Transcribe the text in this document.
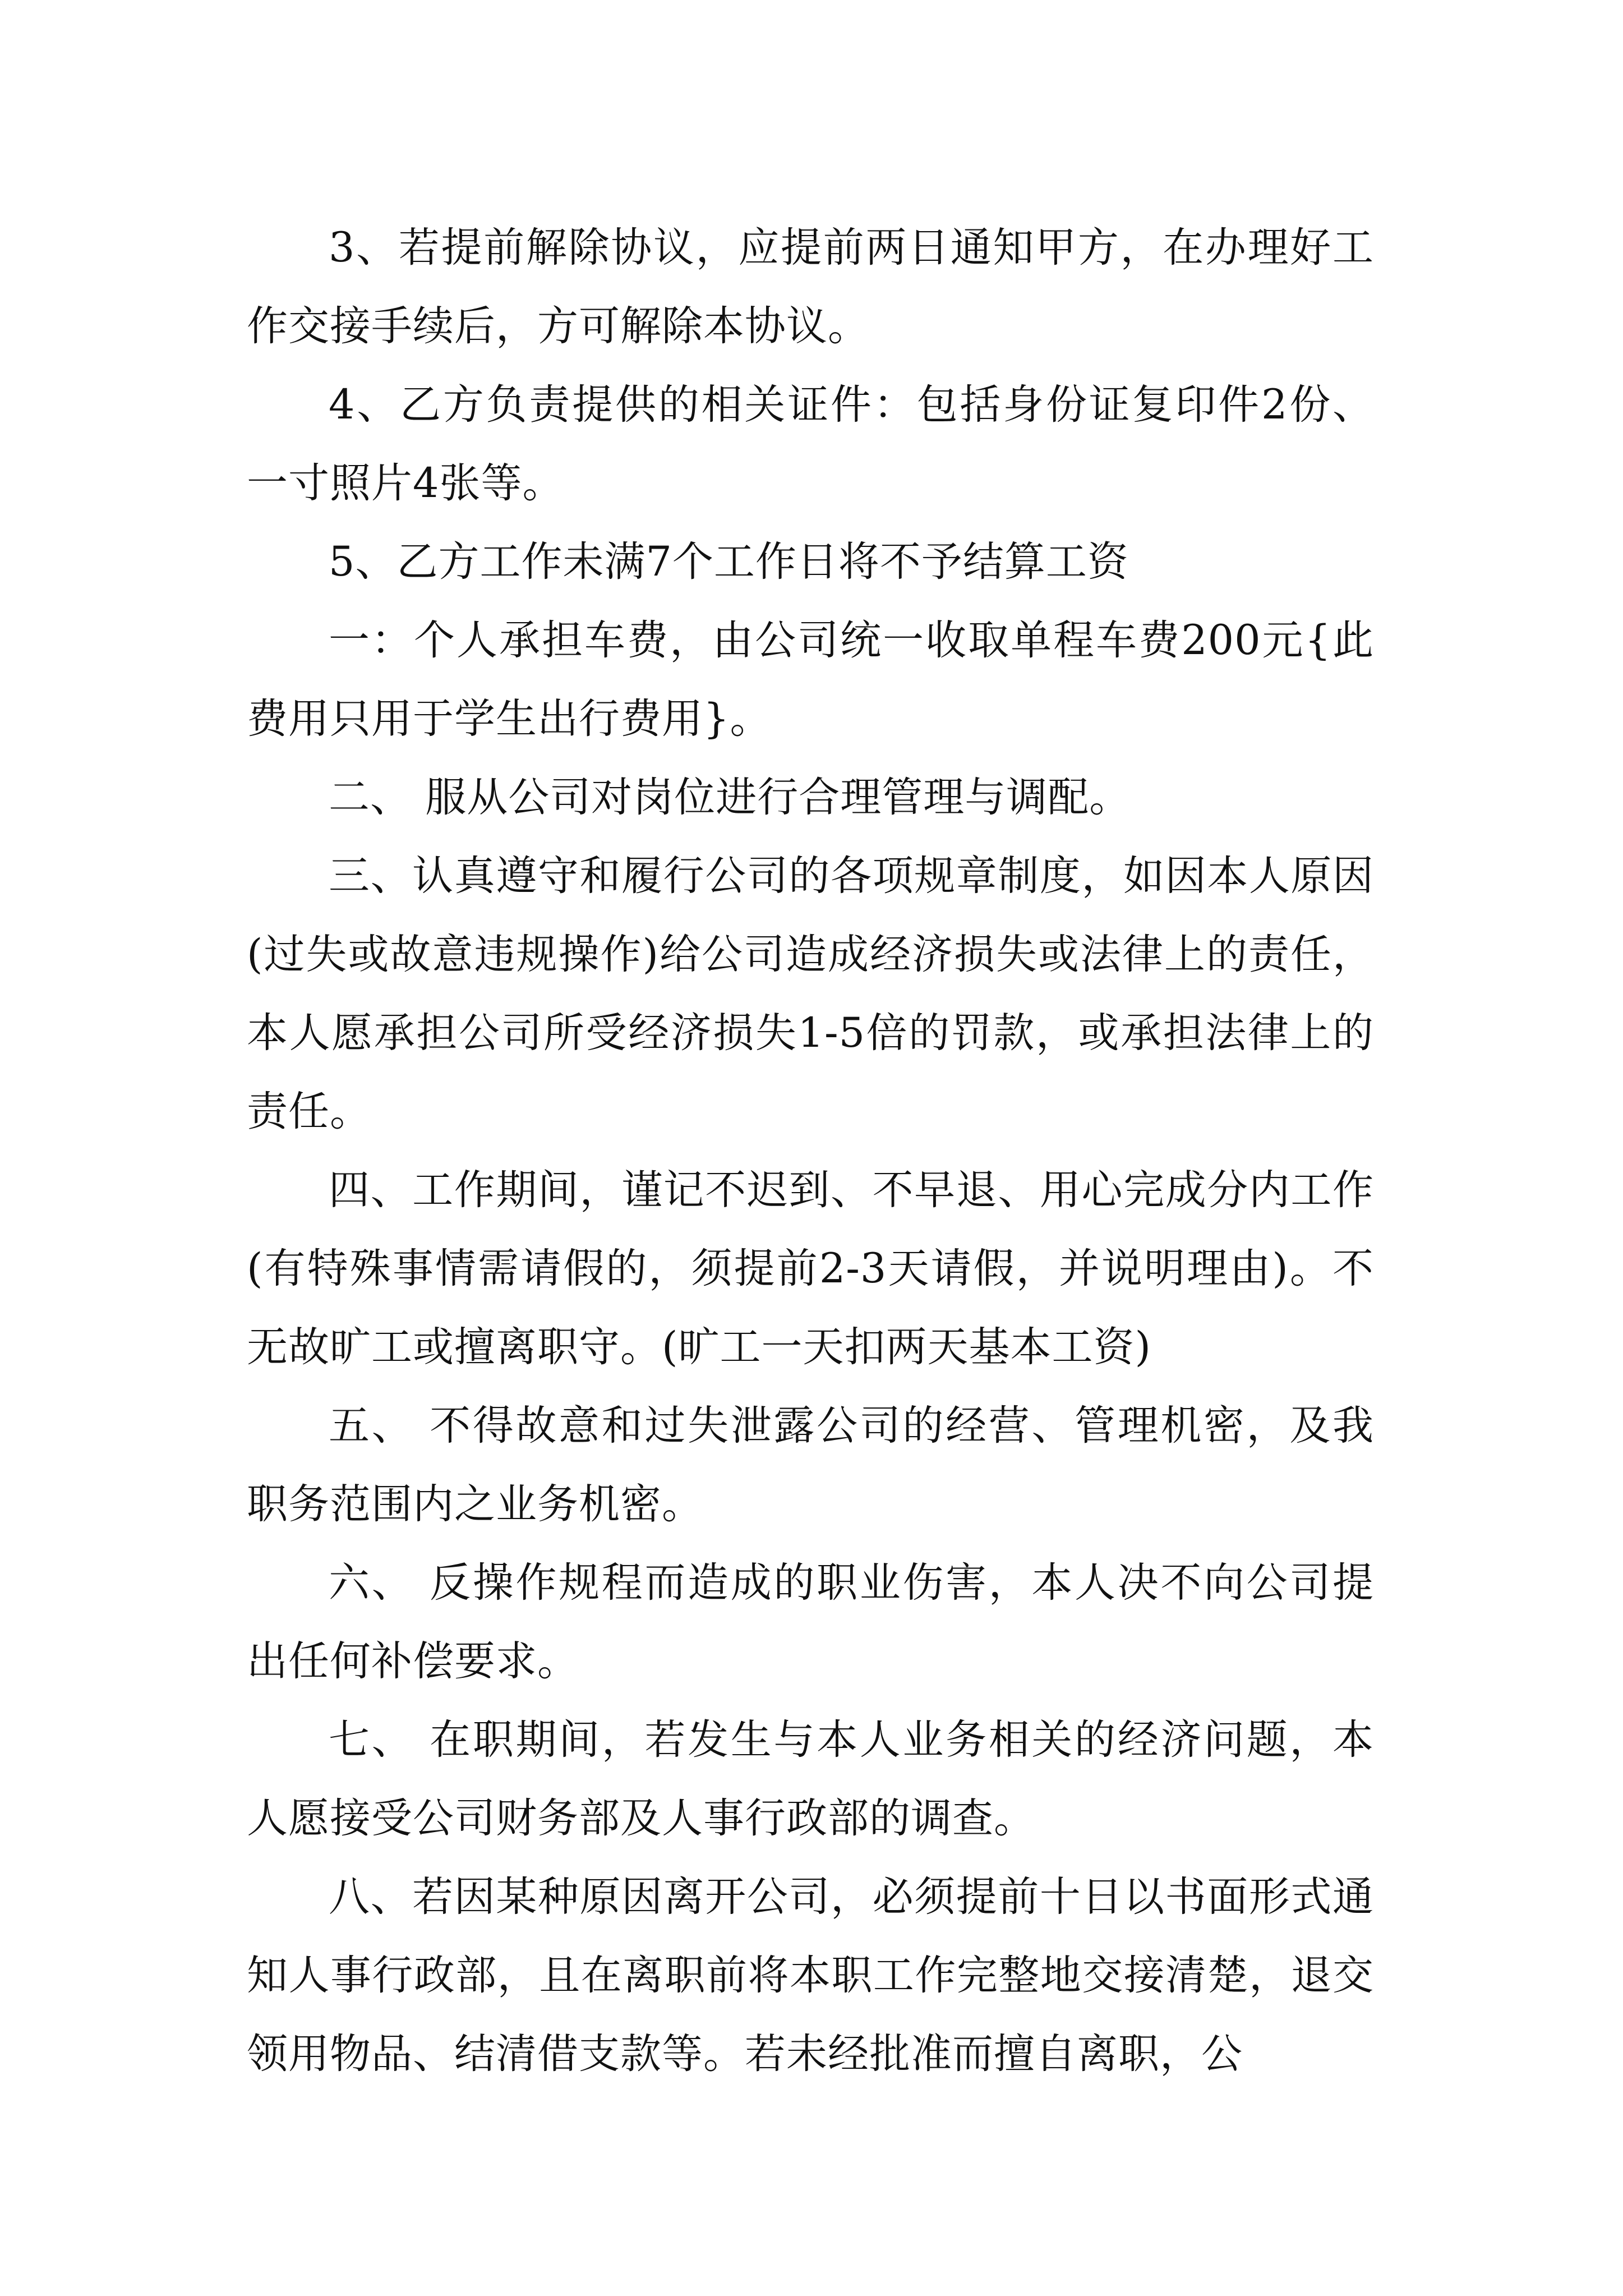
3、若提前解除协议，应提前两日通知甲方，在办理好工作交接手续后，方可解除本协议。

4、乙方负责提供的相关证件：包括身份证复印件2份、一寸照片4张等。

5、乙方工作未满7个工作日将不予结算工资

一：个人承担车费，由公司统一收取单程车费200元{此费用只用于学生出行费用}。

二、 服从公司对岗位进行合理管理与调配。

三、认真遵守和履行公司的各项规章制度，如因本人原因(过失或故意违规操作)给公司造成经济损失或法律上的责任，本人愿承担公司所受经济损失1-5倍的罚款，或承担法律上的责任。

四、工作期间，谨记不迟到、不早退、用心完成分内工作(有特殊事情需请假的，须提前2-3天请假，并说明理由)。不无故旷工或擅离职守。(旷工一天扣两天基本工资)

五、 不得故意和过失泄露公司的经营、管理机密，及我职务范围内之业务机密。

六、 反操作规程而造成的职业伤害，本人决不向公司提出任何补偿要求。

七、 在职期间，若发生与本人业务相关的经济问题，本人愿接受公司财务部及人事行政部的调查。

八、若因某种原因离开公司，必须提前十日以书面形式通知人事行政部，且在离职前将本职工作完整地交接清楚，退交领用物品、结清借支款等。若未经批准而擅自离职，公
